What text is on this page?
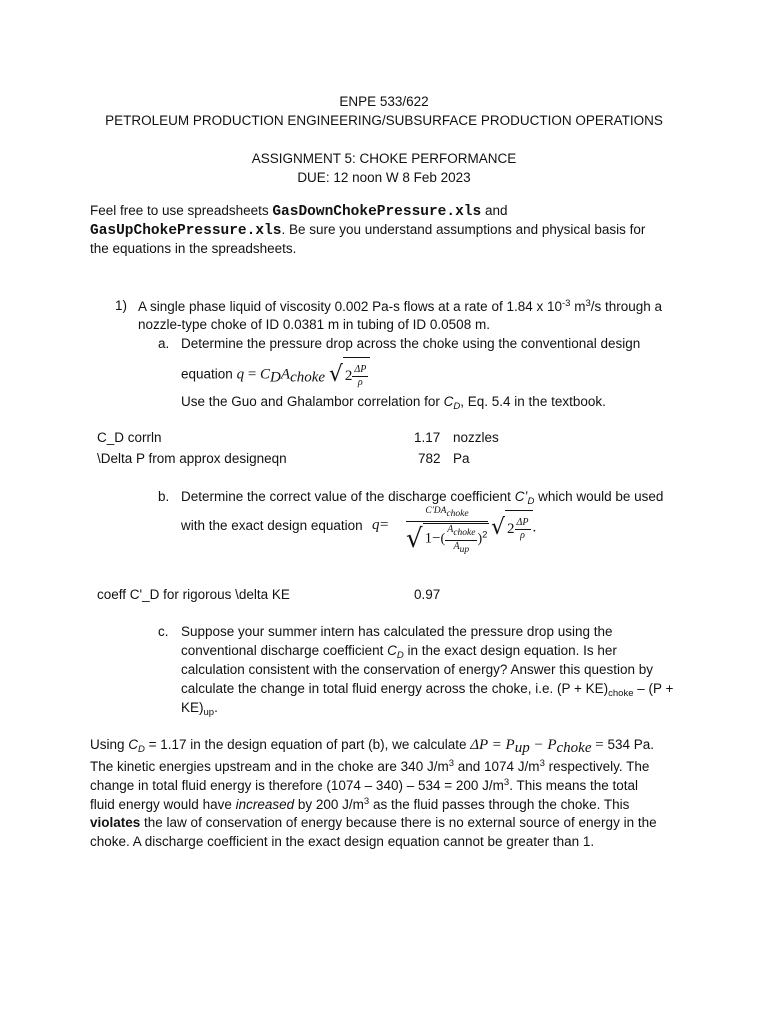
ENPE 533/622
PETROLEUM PRODUCTION ENGINEERING/SUBSURFACE PRODUCTION OPERATIONS
ASSIGNMENT 5: CHOKE PERFORMANCE
DUE: 12 noon W 8 Feb 2023
Feel free to use spreadsheets GasDownChokePressure.xls and
GasUpChokePressure.xls. Be sure you understand assumptions and physical basis for
the equations in the spreadsheets.
1) A single phase liquid of viscosity 0.002 Pa-s flows at a rate of 1.84 x $10^{-3}$ $m^3/s$ through a
nozzle-type choke of ID 0.0381 m in tubing of ID 0.0508 m.
a. Determine the pressure drop across the choke using the conventional design
equation $q = C_DA_{choke}$ √ $2 \frac{\Delta P}{\rho}$
Use the Guo and Ghalambor correlation for $C_D$, Eq. 5.4 in the textbook.
C_D corrln	1.17 nozzles
\Delta P from approx designeqn	782 Pa
b. Determine the correct value of the discharge coefficient $C’_D$ which would be used
with the exact design equation q =
$C'DA_{choke}$
√ $1-( \frac{A_{choke}}{A_{up}} )^2$ √ $2 \frac{\Delta P}{\rho}$ .
coeff C'_D for rigorous \delta KE	0.97
c. Suppose your summer intern has calculated the pressure drop using the
conventional discharge coefficient $C_D$ in the exact design equation. Is her
calculation consistent with the conservation of energy? Answer this question by
calculate the change in total fluid energy across the choke, i.e. $(P + KE)_{choke} - (P$ +
$KE)_{up}$.
Using $C_D = 1.17$ in the design equation of part (b), we calculate $\Delta P = P_{up} - P_{choke} = 534$ Pa.
The kinetic energies upstream and in the choke are 340 $J/m^3$ and 1074 $J/m^3$ respectively. The
change in total fluid energy is therefore (1074 – 340) – 534 = 200 $J/m^3$. This means the total
fluid energy would have increased by 200 $J/m^3$ as the fluid passes through the choke. This
violates the law of conservation of energy because there is no external source of energy in the
choke. A discharge coefficient in the exact design equation cannot be greater than 1.
